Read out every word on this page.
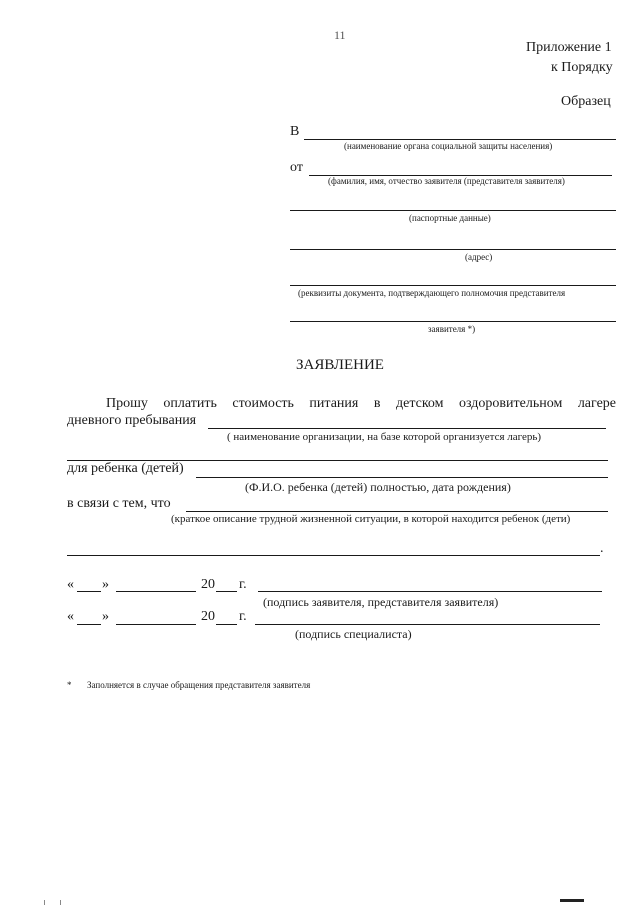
11
Приложение 1
к Порядку
Образец
В
(наименование органа социальной защиты населения)
от
(фамилия, имя, отчество заявителя (представителя заявителя)
(паспортные данные)
(адрес)
(реквизиты документа, подтверждающего полномочия представителя
заявителя *)
ЗАЯВЛЕНИЕ
Прошу оплатить стоимость питания в детском оздоровительном лагере
дневного пребывания
( наименование организации, на базе которой организуется лагерь)
для ребенка (детей)
(Ф.И.О. ребенка (детей) полностью, дата рождения)
в связи с тем, что
(краткое описание трудной жизненной ситуации, в которой находится ребенок (дети)
.
« »	20 г.
(подпись заявителя, представителя заявителя)
« »	20 г.
(подпись специалиста)
* Заполняется в случае обращения представителя заявителя
